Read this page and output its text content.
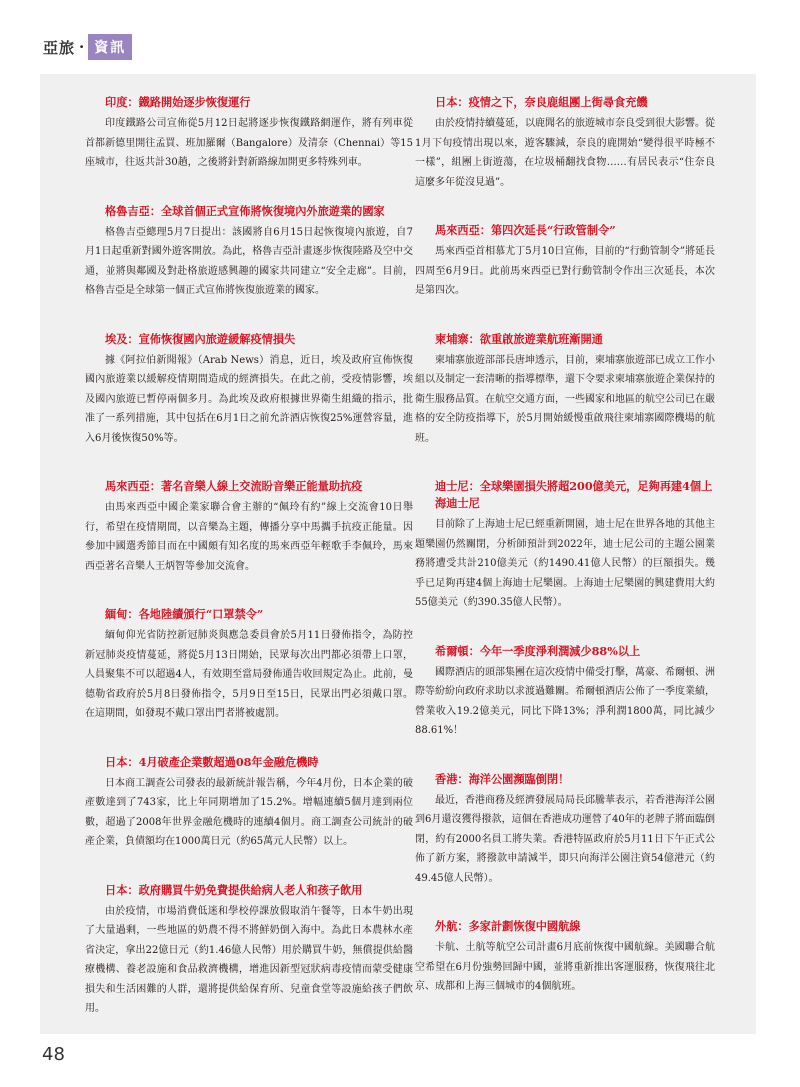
亞旅 · 資訊
印度：鐵路開始逐步恢復運行

印度鐵路公司宣佈從5月12日起將逐步恢復鐵路網運作，將有列車從首都新德里開往孟買、班加羅爾（Bangalore）及清奈（Chennai）等15座城市，往返共計30趟，之後將針對新路線加開更多特殊列車。

格魯吉亞：全球首個正式宣佈將恢復境內外旅遊業的國家

格魯吉亞總理5月7日提出：該國將自6月15日起恢復境內旅遊，自7月1日起重新對國外遊客開放。為此，格魯吉亞計畫逐步恢復陸路及空中交通，並將與鄰國及對赴格旅遊感興趣的國家共同建立“安全走廊”。目前，格魯吉亞是全球第一個正式宣佈將恢復旅遊業的國家。

埃及：宣佈恢復國內旅遊緩解疫情損失

據《阿拉伯新聞報》（Arab News）消息，近日，埃及政府宣佈恢復國內旅遊業以緩解疫情期間造成的經濟損失。在此之前，受疫情影響，埃及國內旅遊已暫停兩個多月。為此埃及政府根據世界衛生組織的指示，批准了一系列措施，其中包括在6月1日之前允許酒店恢復25%運營容量，進入6月後恢復50%等。

馬來西亞：著名音樂人線上交流盼音樂正能量助抗疫

由馬來西亞中國企業家聯合會主辦的“佩玲有約”線上交流會10日舉行，希望在疫情期間，以音樂為主題，傳播分享中馬攜手抗疫正能量。因參加中國選秀節目而在中國頗有知名度的馬來西亞年輕歌手李佩玲，馬來西亞著名音樂人王炳智等參加交流會。

緬甸：各地陸續頒行“口罩禁令”

緬甸仰光省防控新冠肺炎與應急委員會於5月11日發佈指令，為防控新冠肺炎疫情蔓延，將從5月13日開始，民眾每次出門都必須帶上口罩，人員聚集不可以超過4人，有效期至當局發佈通告收回規定為止。此前，曼德勒省政府於5月8日發佈指令，5月9日至15日，民眾出門必須戴口罩。在這期間，如發現不戴口罩出門者將被處罰。

日本：4月破產企業數超過08年金融危機時

日本商工調查公司發表的最新統計報告稱，今年4月份，日本企業的破產數達到了743家，比上年同期增加了15.2%。增幅連續5個月達到兩位數，超過了2008年世界金融危機時的連續4個月。商工調查公司統計的破產企業，負債額均在1000萬日元（約65萬元人民幣）以上。

日本：政府購買牛奶免費提供給病人老人和孩子飲用

由於疫情，市場消費低迷和學校停課放假取消午餐等，日本牛奶出現了大量過剩，一些地區的奶農不得不將鮮奶倒入海中。為此日本農林水產省決定，拿出22億日元（約1.46億人民幣）用於購買牛奶，無償提供給醫療機構、養老設施和食品救濟機構，增進因新型冠狀病毒疫情而蒙受健康損失和生活困難的人群，還將提供給保育所、兒童食堂等設施給孩子們飲用。

日本：疫情之下，奈良鹿組團上街尋食充饑

由於疫情持續蔓延，以鹿聞名的旅遊城市奈良受到很大影響。從1月下旬疫情出現以來，遊客驟減，奈良的鹿開始“變得很平時極不一樣”，組團上街遊蕩，在垃圾桶翻找食物……有居民表示“住奈良這麼多年從沒見過”。

馬來西亞：第四次延長“行政管制令”

馬來西亞首相慕尤丁5月10日宣佈，目前的“行動管制令”將延長四周至6月9日。此前馬來西亞已對行動管制令作出三次延長，本次是第四次。

柬埔寨：欲重啟旅遊業航班漸開通

柬埔寨旅遊部部長唐坤透示，目前，柬埔寨旅遊部已成立工作小組以及制定一套清晰的指導標準，還下令要求柬埔寨旅遊企業保持的衛生服務品質。在航空交通方面，一些國家和地區的航空公司已在嚴格的安全防疫指導下，於5月開始緩慢重啟飛往柬埔寨國際機場的航班。

迪士尼：全球樂園損失將超200億美元，足夠再建4個上海迪士尼

目前除了上海迪士尼已經重新開園，迪士尼在世界各地的其他主題樂園仍然關閉，分析師預計到2022年，迪士尼公司的主題公園業務將遭受共計210億美元（約1490.41億人民幣）的巨額損失。幾乎已足夠再建4個上海迪士尼樂園。上海迪士尼樂園的興建費用大約55億美元（約390.35億人民幣）。

希爾頓：今年一季度淨利潤減少88%以上

國際酒店的頭部集團在這次疫情中備受打擊，萬豪、希爾頓、洲際等紛紛向政府求助以求渡過難關。希爾頓酒店公佈了一季度業績，營業收入19.2億美元，同比下降13%；淨利潤1800萬，同比減少88.61%！

香港：海洋公園瀕臨倒閉！

最近，香港商務及經濟發展局局長邱騰華表示，若香港海洋公園到6月還沒獲得撥款，這個在香港成功運營了40年的老牌子將面臨倒閉，約有2000名員工將失業。香港特區政府於5月11日下午正式公佈了新方案，將撥款申請減半，即只向海洋公園注資54億港元（約49.45億人民幣）。

外航：多家計劃恢復中國航線

卡航、土航等航空公司計畫6月底前恢復中國航線。美國聯合航空希望在6月份強勢回歸中國，並將重新推出客運服務，恢復飛往北京、成都和上海三個城市的4個航班。

48
